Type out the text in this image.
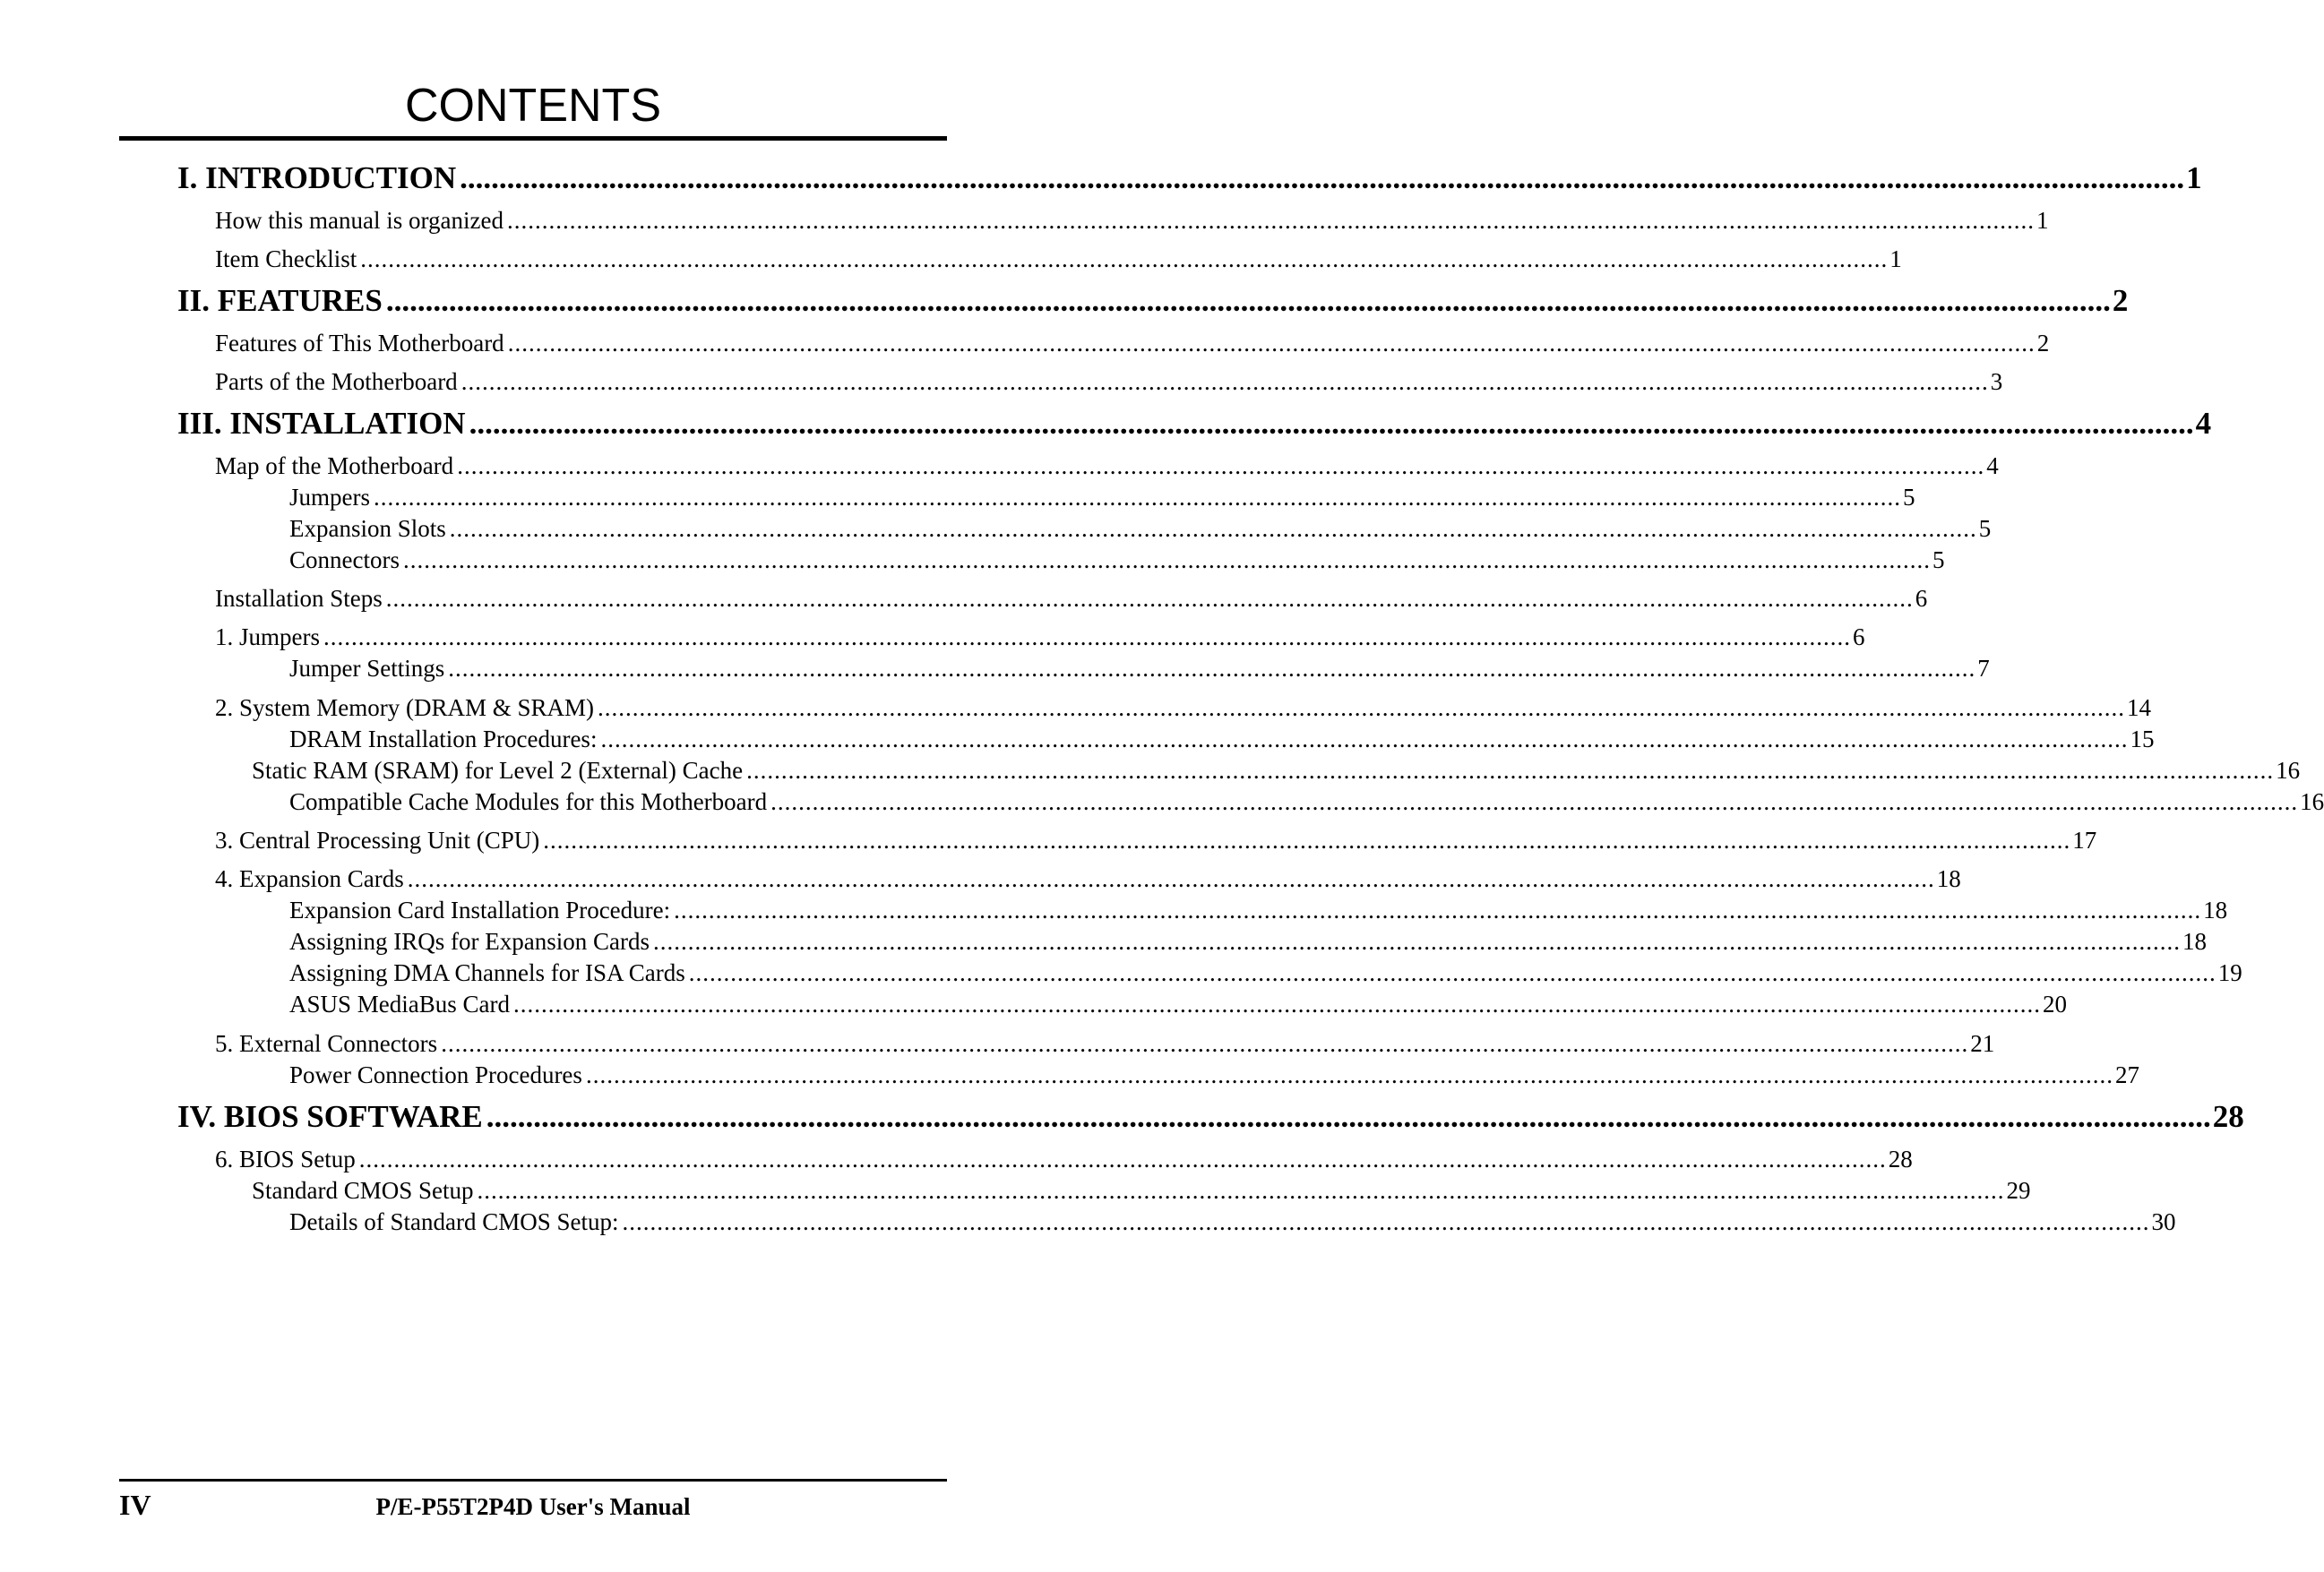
CONTENTS
I. INTRODUCTION ............................................................................................................................................................................................................................ 1
How this manual is organized ............................................................................................................................................................................................................................ 1
Item Checklist ............................................................................................................................................................................................................................ 1
II. FEATURES ............................................................................................................................................................................................................................ 2
Features of This Motherboard ............................................................................................................................................................................................................................ 2
Parts of the Motherboard ............................................................................................................................................................................................................................ 3
III. INSTALLATION ............................................................................................................................................................................................................................ 4
Map of the Motherboard ............................................................................................................................................................................................................................ 4
Jumpers ............................................................................................................................................................................................................................ 5
Expansion Slots ............................................................................................................................................................................................................................ 5
Connectors ............................................................................................................................................................................................................................ 5
Installation Steps ............................................................................................................................................................................................................................ 6
1. Jumpers ............................................................................................................................................................................................................................ 6
Jumper Settings ............................................................................................................................................................................................................................ 7
2. System Memory (DRAM & SRAM) ............................................................................................................................................................................................................................ 14
DRAM Installation Procedures: ............................................................................................................................................................................................................................ 15
Static RAM (SRAM) for Level 2 (External) Cache ............................................................................................................................................................................................................................ 16
Compatible Cache Modules for this Motherboard ............................................................................................................................................................................................................................ 16
3. Central Processing Unit (CPU) ............................................................................................................................................................................................................................ 17
4. Expansion Cards ............................................................................................................................................................................................................................ 18
Expansion Card Installation Procedure: ............................................................................................................................................................................................................................ 18
Assigning IRQs for Expansion Cards ............................................................................................................................................................................................................................ 18
Assigning DMA Channels for ISA Cards ............................................................................................................................................................................................................................ 19
ASUS MediaBus Card ............................................................................................................................................................................................................................ 20
5. External Connectors ............................................................................................................................................................................................................................ 21
Power Connection Procedures ............................................................................................................................................................................................................................ 27
IV. BIOS SOFTWARE ............................................................................................................................................................................................................................ 28
6. BIOS Setup ............................................................................................................................................................................................................................ 28
Standard CMOS Setup ............................................................................................................................................................................................................................ 29
Details of Standard CMOS Setup: ............................................................................................................................................................................................................................ 30
IV	P/E-P55T2P4D User's Manual
